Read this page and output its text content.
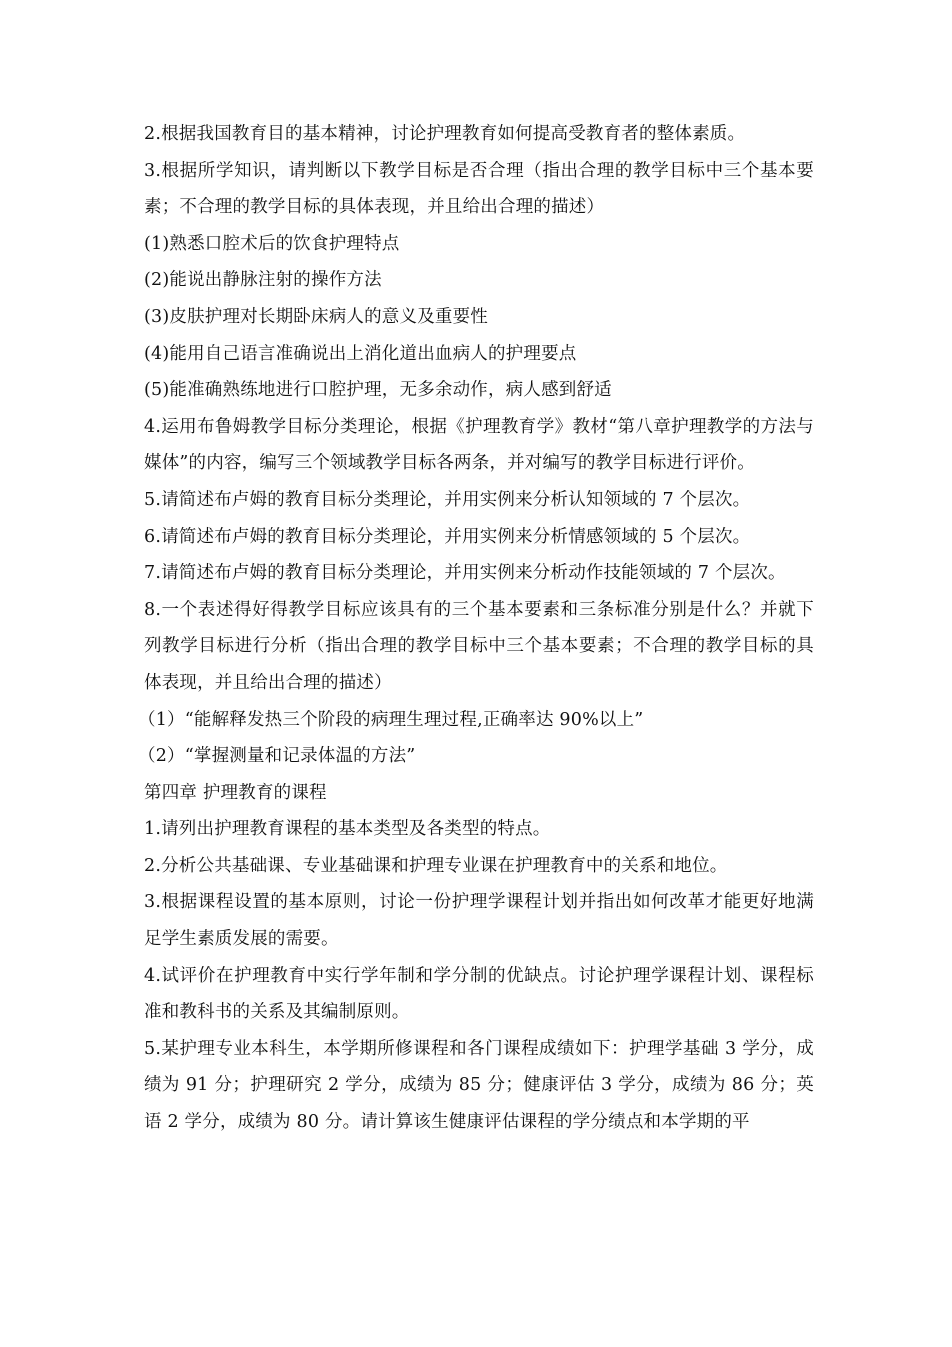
2.根据我国教育目的基本精神，讨论护理教育如何提高受教育者的整体素质。

3.根据所学知识，请判断以下教学目标是否合理（指出合理的教学目标中三个基本要素；不合理的教学目标的具体表现，并且给出合理的描述）

(1)熟悉口腔术后的饮食护理特点

(2)能说出静脉注射的操作方法

(3)皮肤护理对长期卧床病人的意义及重要性

(4)能用自己语言准确说出上消化道出血病人的护理要点

(5)能准确熟练地进行口腔护理，无多余动作，病人感到舒适

4.运用布鲁姆教学目标分类理论，根据《护理教育学》教材“第八章护理教学的方法与媒体”的内容，编写三个领域教学目标各两条，并对编写的教学目标进行评价。

5.请简述布卢姆的教育目标分类理论，并用实例来分析认知领域的 7 个层次。

6.请简述布卢姆的教育目标分类理论，并用实例来分析情感领域的 5 个层次。

7.请简述布卢姆的教育目标分类理论，并用实例来分析动作技能领域的 7 个层次。

8.一个表述得好得教学目标应该具有的三个基本要素和三条标准分别是什么？并就下列教学目标进行分析（指出合理的教学目标中三个基本要素；不合理的教学目标的具体表现，并且给出合理的描述）

（1）“能解释发热三个阶段的病理生理过程,正确率达 90%以上”

（2）“掌握测量和记录体温的方法”

第四章 护理教育的课程

1.请列出护理教育课程的基本类型及各类型的特点。

2.分析公共基础课、专业基础课和护理专业课在护理教育中的关系和地位。

3.根据课程设置的基本原则，讨论一份护理学课程计划并指出如何改革才能更好地满足学生素质发展的需要。

4.试评价在护理教育中实行学年制和学分制的优缺点。讨论护理学课程计划、课程标准和教科书的关系及其编制原则。

5.某护理专业本科生，本学期所修课程和各门课程成绩如下：护理学基础 3 学分，成绩为 91 分；护理研究 2 学分，成绩为 85 分；健康评估 3 学分，成绩为 86 分；英语 2 学分，成绩为 80 分。请计算该生健康评估课程的学分绩点和本学期的平
